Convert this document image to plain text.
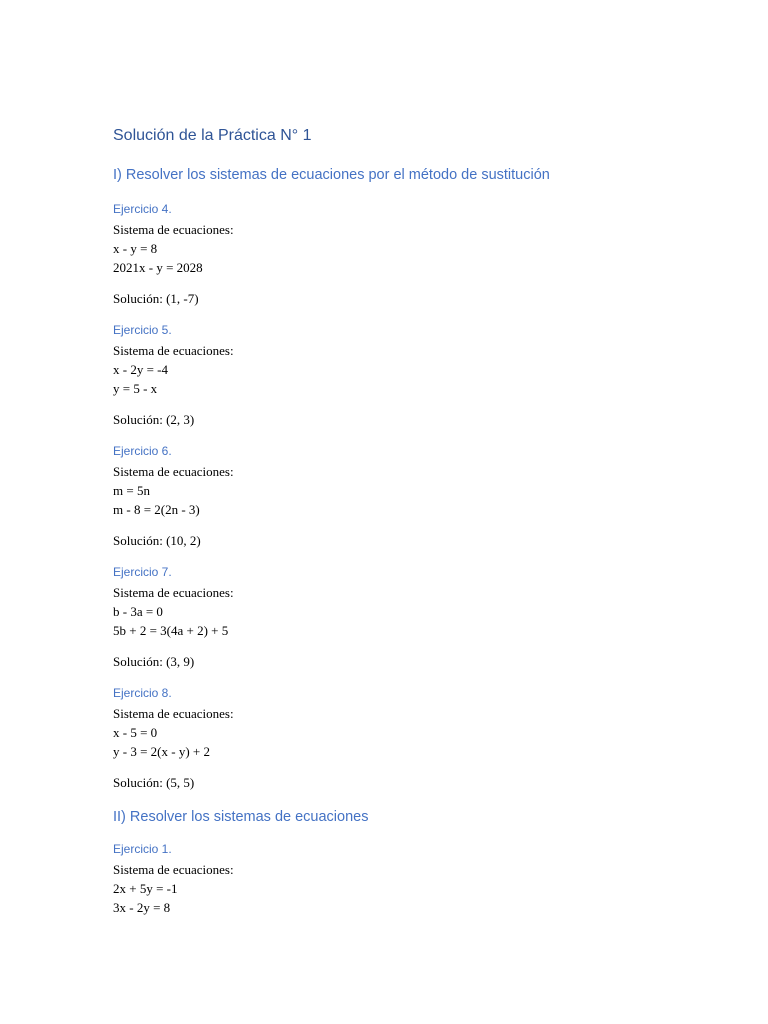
Solución de la Práctica N° 1
I) Resolver los sistemas de ecuaciones por el método de sustitución
Ejercicio 4.
Sistema de ecuaciones:
x - y = 8
2021x - y = 2028
Solución: (1, -7)
Ejercicio 5.
Sistema de ecuaciones:
x - 2y = -4
y = 5 - x
Solución: (2, 3)
Ejercicio 6.
Sistema de ecuaciones:
m = 5n
m - 8 = 2(2n - 3)
Solución: (10, 2)
Ejercicio 7.
Sistema de ecuaciones:
b - 3a = 0
5b + 2 = 3(4a + 2) + 5
Solución: (3, 9)
Ejercicio 8.
Sistema de ecuaciones:
x - 5 = 0
y - 3 = 2(x - y) + 2
Solución: (5, 5)
II) Resolver los sistemas de ecuaciones
Ejercicio 1.
Sistema de ecuaciones:
2x + 5y = -1
3x - 2y = 8
